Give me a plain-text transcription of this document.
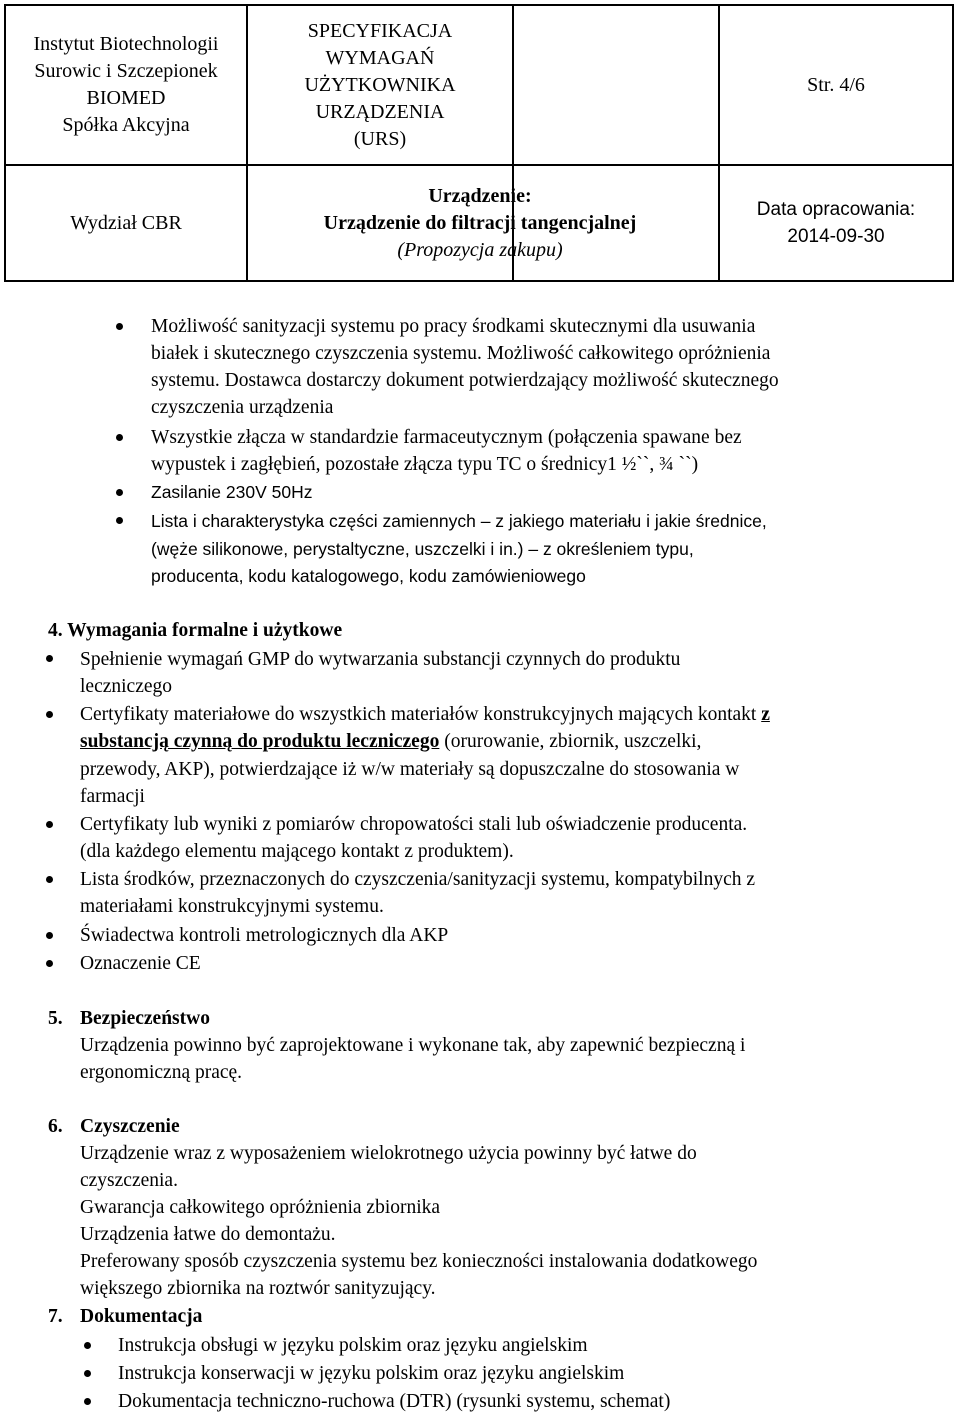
Instytut Biotechnologii
Surowic i Szczepionek
BIOMED
Spółka Akcyjna
SPECYFIKACJA
WYMAGAŃ UŻYTKOWNIKA
URZĄDZENIA
(URS)
Str. 4/6
Wydział CBR
Urządzenie:
Urządzenie do filtracji tangencjalnej
(Propozycja zakupu)
Data opracowania:
2014-09-30
Możliwość sanityzacji systemu po pracy środkami skutecznymi dla usuwania
białek i skutecznego czyszczenia systemu. Możliwość całkowitego opróżnienia
systemu. Dostawca dostarczy dokument potwierdzający możliwość skutecznego
czyszczenia urządzenia
Wszystkie złącza w standardzie farmaceutycznym (połączenia spawane bez
wypustek i zagłębień, pozostałe złącza typu TC o średnicy1 ½``, ¾ ``)
Zasilanie 230V 50Hz
Lista i charakterystyka części zamiennych – z jakiego materiału i jakie średnice,
(węże silikonowe, perystaltyczne, uszczelki i in.) – z określeniem typu,
producenta, kodu katalogowego, kodu zamówieniowego
4. Wymagania formalne i użytkowe
Spełnienie wymagań GMP do wytwarzania substancji czynnych do produktu
leczniczego
Certyfikaty materiałowe do wszystkich materiałów konstrukcyjnych mających kontakt z
substancją czynną do produktu leczniczego (orurowanie, zbiornik, uszczelki,
przewody, AKP), potwierdzające iż w/w materiały są dopuszczalne do stosowania w
farmacji
Certyfikaty lub wyniki z pomiarów chropowatości stali lub oświadczenie producenta.
(dla każdego elementu mającego kontakt z produktem).
Lista środków, przeznaczonych do czyszczenia/sanityzacji systemu, kompatybilnych z
materiałami konstrukcyjnymi systemu.
Świadectwa kontroli metrologicznych dla AKP
Oznaczenie CE
5. Bezpieczeństwo
Urządzenia powinno być zaprojektowane i wykonane tak, aby zapewnić bezpieczną i
ergonomiczną pracę.
6. Czyszczenie
Urządzenie wraz z wyposażeniem wielokrotnego użycia powinny być łatwe do
czyszczenia.
Gwarancja całkowitego opróżnienia zbiornika
Urządzenia łatwe do demontażu.
Preferowany sposób czyszczenia systemu bez konieczności instalowania dodatkowego
większego zbiornika na roztwór sanityzujący.
7. Dokumentacja
Instrukcja obsługi w języku polskim oraz języku angielskim
Instrukcja konserwacji w języku polskim oraz języku angielskim
Dokumentacja techniczno-ruchowa (DTR) (rysunki systemu, schemat)
